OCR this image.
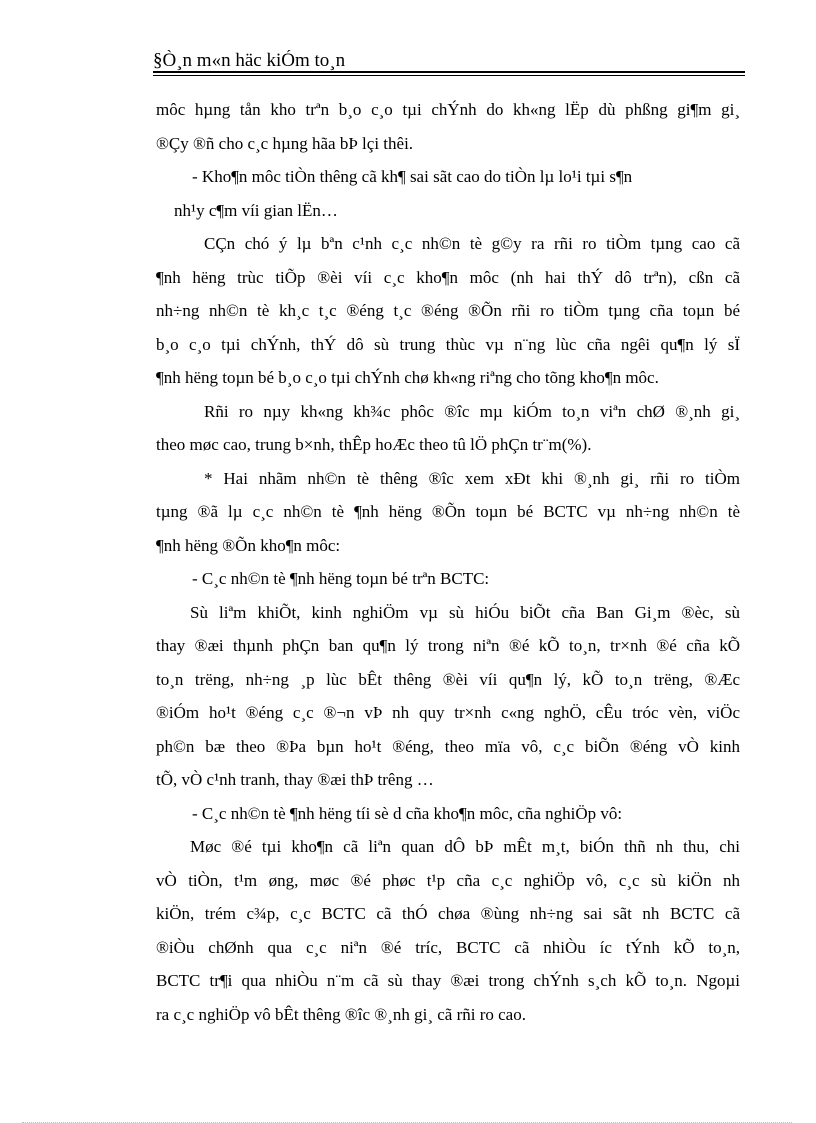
§Ò¸n m«n häc kiÓm to¸n
môc hµng tån kho trªn b¸o c¸o tµi chÝnh do kh«ng lËp dù phßng gi¶m gi¸
®Çy ®ñ cho c¸c hµng hãa bÞ lçi thêi.
- Kho¶n môc tiÒn thêng cã kh¶ sai sãt cao do tiÒn lµ lo¹i tµi s¶n
nh¹y c¶m víi gian lËn…
CÇn chó ý lµ bªn c¹nh c¸c nh©n tè g©y ra rñi ro tiÒm tµng cao cã
¶nh hëng trùc tiÕp ®èi víi c¸c kho¶n môc (nh hai thÝ dô trªn), cßn cã
nh÷ng nh©n tè kh¸c t¸c ®éng t¸c ®éng ®Õn rñi ro tiÒm tµng cña toµn bé
b¸o c¸o tµi chÝnh, thÝ dô sù trung thùc vµ n¨ng lùc cña ngêi qu¶n lý sÏ
¶nh hëng toµn bé b¸o c¸o tµi chÝnh chø kh«ng riªng cho tõng kho¶n môc.
Rñi ro nµy kh«ng kh¾c phôc ®îc mµ kiÓm to¸n viªn chØ ®¸nh gi¸
theo møc cao, trung b×nh, thÊp hoÆc theo tû lÖ phÇn tr¨m(%).
* Hai nhãm nh©n tè thêng ®îc xem xÐt khi ®¸nh gi¸ rñi ro tiÒm
tµng ®ã lµ c¸c nh©n tè ¶nh hëng ®Õn toµn bé BCTC vµ nh÷ng nh©n tè
¶nh hëng ®Õn kho¶n môc:
- C¸c nh©n tè ¶nh hëng toµn bé trªn BCTC:
Sù liªm khiÕt, kinh nghiÖm vµ sù hiÓu biÕt cña Ban Gi¸m ®èc, sù
thay ®æi thµnh phÇn ban qu¶n lý trong niªn ®é kÕ to¸n, tr×nh ®é cña kÕ
to¸n trëng, nh÷ng ¸p lùc bÊt thêng ®èi víi qu¶n lý, kÕ to¸n trëng, ®Æc
®iÓm ho¹t ®éng c¸c ®¬n vÞ nh quy tr×nh c«ng nghÖ, cÊu tróc vèn, viÖc
ph©n bæ theo ®Þa bµn ho¹t ®éng, theo mïa vô, c¸c biÕn ®éng vÒ kinh
tÕ, vÒ c¹nh tranh, thay ®æi thÞ trêng …
- C¸c nh©n tè ¶nh hëng tíi sè d cña kho¶n môc, cña nghiÖp vô:
Møc ®é tµi kho¶n cã liªn quan dÔ bÞ mÊt m¸t, biÓn thñ nh thu, chi
vÒ tiÒn, t¹m øng, møc ®é phøc t¹p cña c¸c nghiÖp vô, c¸c sù kiÖn nh
kiÖn, trém c¾p, c¸c BCTC cã thÓ chøa ®ùng nh÷ng sai sãt nh BCTC cã
®iÒu chØnh qua c¸c niªn ®é tríc, BCTC cã nhiÒu íc tÝnh kÕ to¸n,
BCTC tr¶i qua nhiÒu n¨m cã sù thay ®æi trong chÝnh s¸ch kÕ to¸n. Ngoµi
ra c¸c nghiÖp vô bÊt thêng ®îc ®¸nh gi¸ cã rñi ro cao.
